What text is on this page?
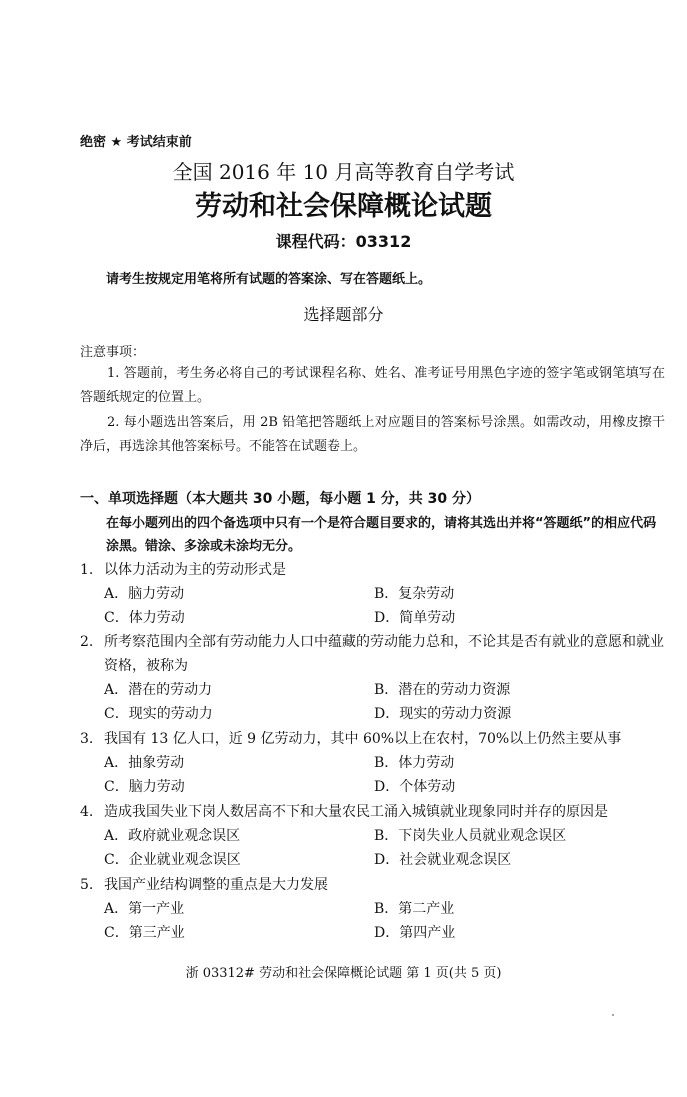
绝密 ★ 考试结束前
全国 2016 年 10 月高等教育自学考试
劳动和社会保障概论试题
课程代码：03312
请考生按规定用笔将所有试题的答案涂、写在答题纸上。
选择题部分
注意事项：
1. 答题前，考生务必将自己的考试课程名称、姓名、准考证号用黑色字迹的签字笔或钢笔填写在答题纸规定的位置上。
2. 每小题选出答案后，用 2B 铅笔把答题纸上对应题目的答案标号涂黑。如需改动，用橡皮擦干净后，再选涂其他答案标号。不能答在试题卷上。
一、单项选择题（本大题共 30 小题，每小题 1 分，共 30 分）
在每小题列出的四个备选项中只有一个是符合题目要求的，请将其选出并将“答题纸”的相应代码涂黑。错涂、多涂或未涂均无分。
1. 以体力活动为主的劳动形式是
A．脑力劳动	B．复杂劳动
C．体力劳动	D．简单劳动
2. 所考察范围内全部有劳动能力人口中蕴藏的劳动能力总和，不论其是否有就业的意愿和就业资格，被称为
A．潜在的劳动力	B．潜在的劳动力资源
C．现实的劳动力	D．现实的劳动力资源
3. 我国有 13 亿人口，近 9 亿劳动力，其中 60%以上在农村，70%以上仍然主要从事
A．抽象劳动	B．体力劳动
C．脑力劳动	D．个体劳动
4. 造成我国失业下岗人数居高不下和大量农民工涌入城镇就业现象同时并存的原因是
A．政府就业观念误区	B．下岗失业人员就业观念误区
C．企业就业观念误区	D．社会就业观念误区
5. 我国产业结构调整的重点是大力发展
A．第一产业	B．第二产业
C．第三产业	D．第四产业
浙 03312# 劳动和社会保障概论试题 第 1 页(共 5 页)
